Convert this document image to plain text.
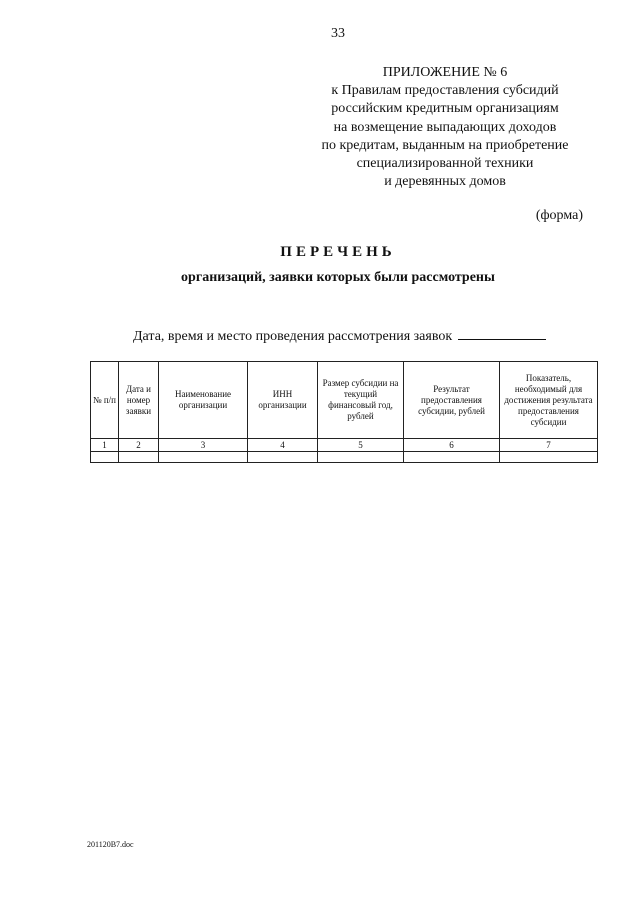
33
ПРИЛОЖЕНИЕ № 6
к Правилам предоставления субсидий
российским кредитным организациям
на возмещение выпадающих доходов
по кредитам, выданным на приобретение
специализированной техники
и деревянных домов
(форма)
ПЕРЕЧЕНЬ
организаций, заявки которых были рассмотрены
Дата, время и место проведения рассмотрения заявок
№ п/п	Дата и номер заявки	Наименование организации	ИНН организации	Размер субсидии на текущий финансовый год, рублей	Результат предоставления субсидии, рублей	Показатель, необходимый для достижения результата предоставления субсидии
1	2	3	4	5	6	7

201120В7.doc
